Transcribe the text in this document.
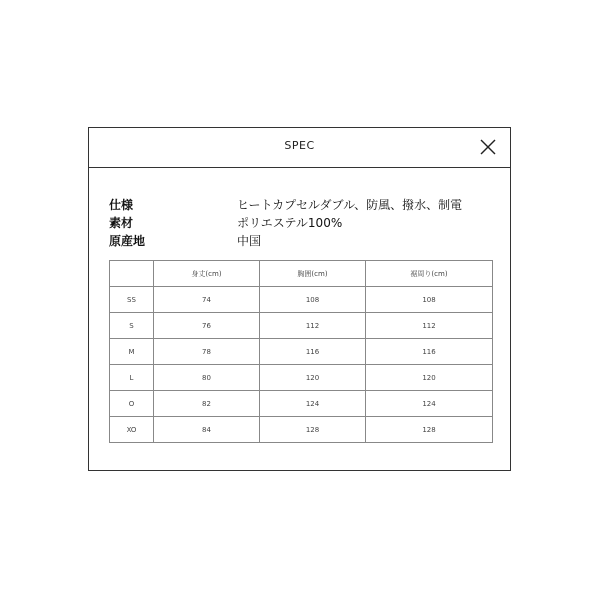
SPEC
仕様	ヒートカプセルダブル、防風、撥水、制電
素材	ポリエステル100%
原産地	中国
	身丈(cm)	胸囲(cm)	裾周り(cm)
SS	74	108	108
S	76	112	112
M	78	116	116
L	80	120	120
O	82	124	124
XO	84	128	128
